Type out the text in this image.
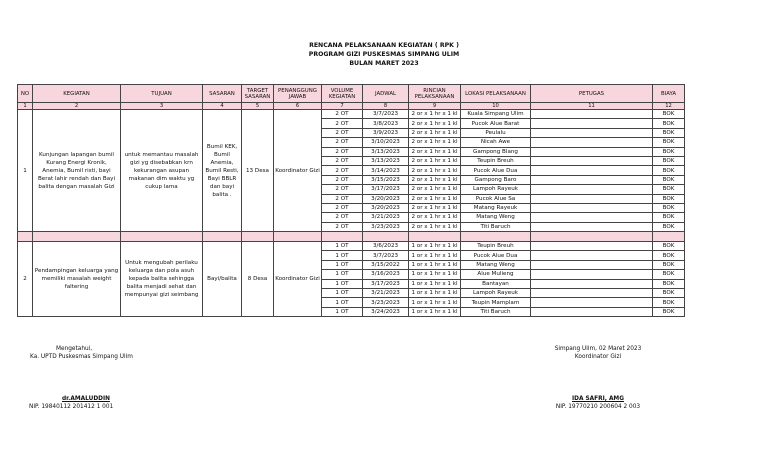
RENCANA PELAKSANAAN KEGIATAN ( RPK )
PROGRAM GIZI PUSKESMAS SIMPANG ULIM
BULAN MARET 2023
NO	KEGIATAN	TUJUAN	SASARAN	TARGET SASARAN	PENANGGUNG JAWAB	VOLUME KEGIATAN	JADWAL	RINCIAN PELAKSANAAN	LOKASI PELAKSANAAN	PETUGAS	BIAYA
1	2	3	4	5	6	7	8	9	10	11	12
1	Kunjungan lapangan bumil Kurang Energi Kronik, Anemia, Bumil risti, bayi Berat lahir rendah dan Bayi balita dengan masalah Gizi	untuk memantau masalah gizi yg disebabkan krn kekurangan asupan makanan dim waktu yg cukup lama	Bumil KEK, Bumil Anemia, Bumil Resti, Bayi BBLR dan bayi balita .	13 Desa	Koordinator Gizi	2 OT	3/7/2023	2 or x 1 hr x 1 kl	Kuala Simpang Ulim		BOK
						2 OT	3/8/2023	2 or x 1 hr x 1 kl	Pucok Alue Barat		BOK
						2 OT	3/9/2023	2 or x 1 hr x 1 kl	Peulalu		BOK
						2 OT	3/10/2023	2 or x 1 hr x 1 kl	Nicah Awe		BOK
						2 OT	3/13/2023	2 or x 1 hr x 1 kl	Gampong Blang		BOK
						2 OT	3/13/2023	2 or x 1 hr x 1 kl	Teupin Breuh		BOK
						2 OT	3/14/2023	2 or x 1 hr x 1 kl	Pucok Alue Dua		BOK
						2 OT	3/15/2023	2 or x 1 hr x 1 kl	Gampong Baro		BOK
						2 OT	3/17/2023	2 or x 1 hr x 1 kl	Lampoh Rayeuk		BOK
						2 OT	3/20/2023	2 or x 1 hr x 1 kl	Pucok Alue Sa		BOK
						2 OT	3/20/2023	2 or x 1 hr x 1 kl	Matang Rayeuk		BOK
						2 OT	3/21/2023	2 or x 1 hr x 1 kl	Matang Weng		BOK
						2 OT	3/23/2023	2 or x 1 hr x 1 kl	Titi Baruch		BOK

2	Pendampingan keluarga yang memiliki masalah weight faltering	Untuk mengubah perilaku keluarga dan pola asuh kepada balita sehingga balita menjadi sehat dan mempunyai gizi seimbang	Bayi/balita	8 Desa	Koordinator Gizi	1 OT	3/6/2023	1 or x 1 hr x 1 kl	Teupin Breuh		BOK
						1 OT	3/7/2023	1 or x 1 hr x 1 kl	Pucok Alue Dua		BOK
						1 OT	3/15/2022	1 or x 1 hr x 1 kl	Matang Weng		BOK
						1 OT	3/16/2023	1 or x 1 hr x 1 kl	Alue Mulieng		BOK
						1 OT	3/17/2023	1 or x 1 hr x 1 kl	Bantayan		BOK
						1 OT	3/21/2023	1 or x 1 hr x 1 kl	Lampoh Rayeuk		BOK
						1 OT	3/23/2023	1 or x 1 hr x 1 kl	Teupin Mamplam		BOK
						1 OT	3/24/2023	1 or x 1 hr x 1 kl	Titi Baruch		BOK
Mengetahui,
Ka. UPTD Puskesmas Simpang Ulim
dr.AMALUDDIN
NIP. 19840112 201412 1 001
Simpang Ulim, 02 Maret 2023
Koordinator Gizi
IDA SAFRI, AMG
NIP. 19770210 200604 2 003
